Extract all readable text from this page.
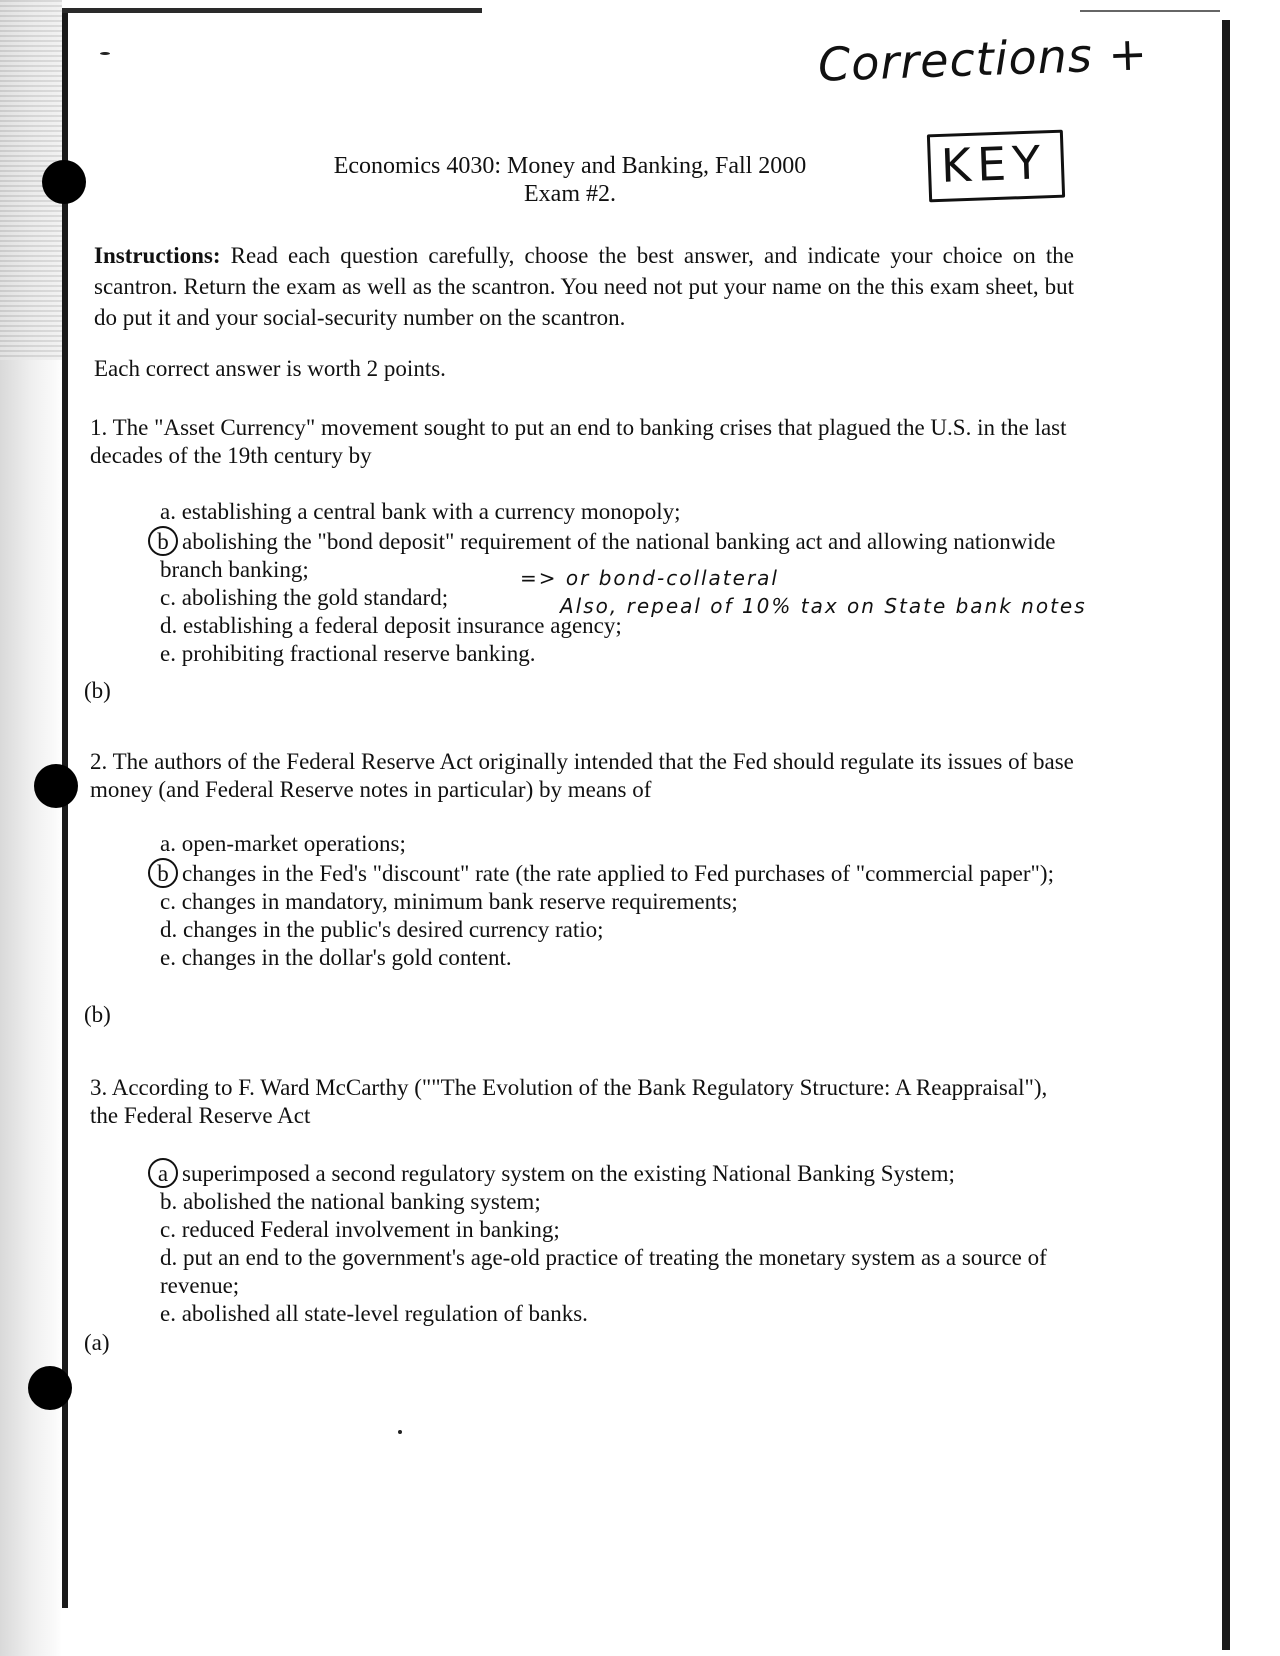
Corrections +
KEY
Economics 4030: Money and Banking, Fall 2000
Exam #2.
Instructions: Read each question carefully, choose the best answer, and indicate your choice on the scantron. Return the exam as well as the scantron. You need not put your name on the this exam sheet, but do put it and your social-security number on the scantron.
Each correct answer is worth 2 points.
1. The "Asset Currency" movement sought to put an end to banking crises that plagued the U.S. in the last decades of the 19th century by

a. establishing a central bank with a currency monopoly;

b abolishing the "bond deposit" requirement of the national banking act and allowing nationwide branch banking;

c. abolishing the gold standard;

d. establishing a federal deposit insurance agency;

e. prohibiting fractional reserve banking.

=> or bond-collateral
Also, repeal of 10% tax on State bank notes
(b)
2. The authors of the Federal Reserve Act originally intended that the Fed should regulate its issues of base money (and Federal Reserve notes in particular) by means of

a. open-market operations;

b changes in the Fed's "discount" rate (the rate applied to Fed purchases of "commercial paper");

c. changes in mandatory, minimum bank reserve requirements;

d. changes in the public's desired currency ratio;

e. changes in the dollar's gold content.

(b)
3. According to F. Ward McCarthy (""The Evolution of the Bank Regulatory Structure: A Reappraisal"), the Federal Reserve Act

a superimposed a second regulatory system on the existing National Banking System;

b. abolished the national banking system;

c. reduced Federal involvement in banking;

d. put an end to the government's age-old practice of treating the monetary system as a source of revenue;

e. abolished all state-level regulation of banks.

(a)
